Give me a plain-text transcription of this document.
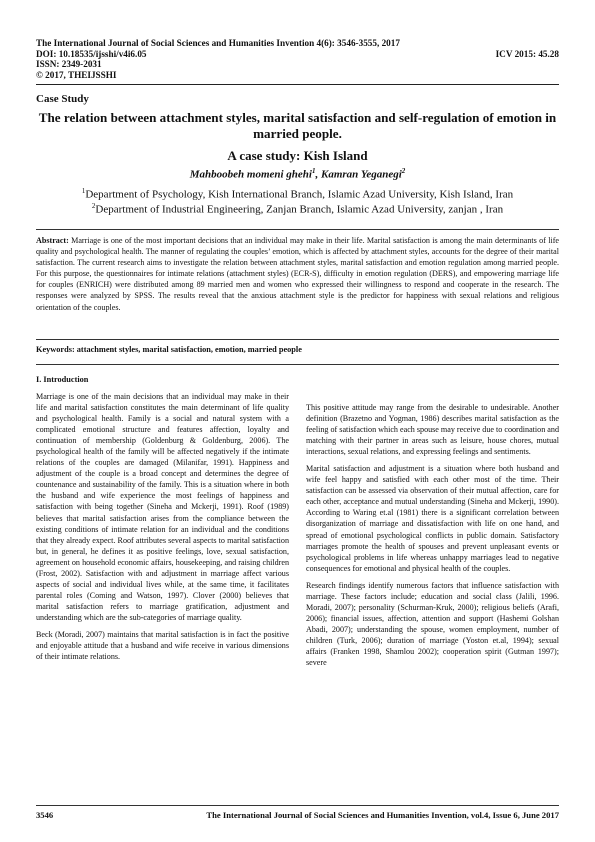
The International Journal of Social Sciences and Humanities Invention 4(6): 3546-3555, 2017
DOI: 10.18535/ijsshi/v4i6.05	ICV 2015: 45.28
ISSN: 2349-2031
© 2017, THEIJSSHI
Case Study
The relation between attachment styles, marital satisfaction and self-regulation of emotion in married people.
A case study: Kish Island
Mahboobeh momeni ghehi$^1$, Kamran Yeganegi$^2$
$^1$Department of Psychology, Kish International Branch, Islamic Azad University, Kish Island, Iran
$^2$Department of Industrial Engineering, Zanjan Branch, Islamic Azad University, zanjan , Iran
Abstract: Marriage is one of the most important decisions that an individual may make in their life. Marital satisfaction is among the main determinants of life quality and psychological health. The manner of regulating the couples’ emotion, which is affected by attachment styles, accounts for the degree of their marital satisfaction. The current research aims to investigate the relation between attachment styles, marital satisfaction and emotion regulation among married people. For this purpose, the questionnaires for intimate relations (attachment styles) (ECR-S), difficulty in emotion regulation (DERS), and empowering marriage life for couples (ENRICH) were distributed among 89 married men and women who expressed their willingness to respond and cooperate in the research. The responses were analyzed by SPSS. The results reveal that the anxious attachment style is the predictor for happiness with sexual relations and religious orientation of the couples.
Keywords: attachment styles, marital satisfaction, emotion, married people
I. Introduction

Marriage is one of the main decisions that an individual may make in their life and marital satisfaction constitutes the main determinant of life quality and psychological health. Family is a social and natural system with a complicated emotional structure and features affection, loyalty and continuation of membership (Goldenburg & Goldenburg, 2006). The psychological health of the family will be affected negatively if the intimate relations of the couples are damaged (Milanifar, 1991). Happiness and adjustment of the couple is a broad concept and determines the degree of countenance and sustainability of the family. This is a situation where in both the husband and wife experience the most feelings of happiness and satisfaction with being together (Sineha and Mckerji, 1991). Roof (1989) believes that marital satisfaction arises from the compliance between the existing conditions of intimate relation for an individual and the conditions that they already expect. Roof attributes several aspects to marital satisfaction but, in general, he defines it as positive feelings, love, sexual satisfaction, agreement on household economic affairs, housekeeping, and raising children (Frost, 2002). Satisfaction with and adjustment in marriage affect various aspects of social and individual lives while, at the same time, it facilitates parental roles (Coming and Watson, 1997). Clover (2000) believes that marital satisfaction refers to marriage gratification, adjustment and understanding which are the sub-categories of marriage quality.

Beck (Moradi, 2007) maintains that marital satisfaction is in fact the positive and enjoyable attitude that a husband and wife receive in various dimensions of their intimate relations.

This positive attitude may range from the desirable to undesirable. Another definition (Brazetno and Yogman, 1986) describes marital satisfaction as the feeling of satisfaction which each spouse may receive due to coordination and matching with their partner in areas such as leisure, house chores, mutual interactions, sexual relations, and expressing feelings and sentiments.

Marital satisfaction and adjustment is a situation where both husband and wife feel happy and satisfied with each other most of the time. Their satisfaction can be assessed via observation of their mutual affection, care for each other, acceptance and mutual understanding (Sineha and Mckerji, 1990). According to Waring et.al (1981) there is a significant correlation between disorganization of marriage and dissatisfaction with life on one hand, and spread of emotional psychological conflicts in public domain. Satisfactory marriages promote the health of spouses and prevent unpleasant events or psychological problems in life whereas unhappy marriages lead to negative consequences for emotional and physical health of the couples.

Research findings identify numerous factors that influence satisfaction with marriage. These factors include; education and social class (Jalili, 1996. Moradi, 2007); personality (Schurman-Kruk, 2000); religious beliefs (Arafi, 2006); financial issues, affection, attention and support (Hashemi Golshan Abadi, 2007); understanding the spouse, women employment, number of children (Turk, 2006); duration of marriage (Yoston et.al, 1994); sexual affairs (Franken 1998, Shamlou 2002); cooperation spirit (Gutman 1997); severe

3546	The International Journal of Social Sciences and Humanities Invention, vol.4, Issue 6, June 2017
